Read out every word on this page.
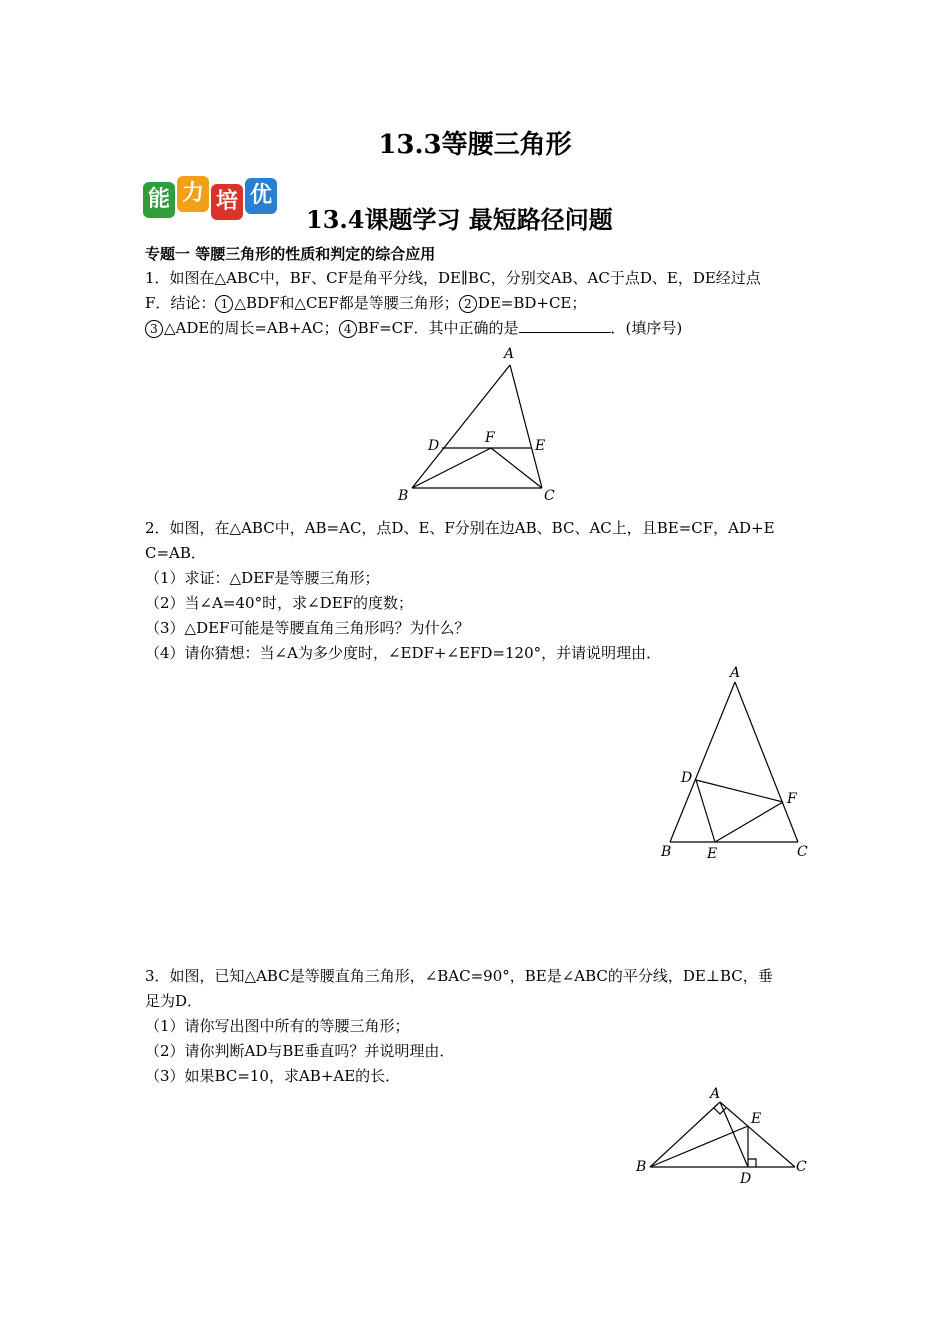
13.3等腰三角形
能 力 培 优
13.4课题学习 最短路径问题
专题一 等腰三角形的性质和判定的综合应用
1．如图在△ABC中，BF、CF是角平分线，DE∥BC，分别交AB、AC于点D、E，DE经过点
F．结论： 1 △BDF和△CEF都是等腰三角形； 2 DE=BD+CE；
3 △ADE的周长=AB+AC； 4 BF=CF．其中正确的是	．(填序号)
A
B	C
D	E
F
2．如图，在△ABC中，AB=AC，点D、E、F分别在边AB、BC、AC上，且BE=CF，AD+E
C=AB．
（1）求证：△DEF是等腰三角形；
（2）当∠A=40°时，求∠DEF的度数；
（3）△DEF可能是等腰直角三角形吗？为什么？
（4）请你猜想：当∠A为多少度时，∠EDF+∠EFD=120°，并请说明理由．
A
B	C
D
E
F
3．如图，已知△ABC是等腰直角三角形，∠BAC=90°，BE是∠ABC的平分线，DE⊥BC，垂
足为D．
（1）请你写出图中所有的等腰三角形；
（2）请你判断AD与BE垂直吗？并说明理由．
（3）如果BC=10，求AB+AE的长．
A
B	C
D
E
